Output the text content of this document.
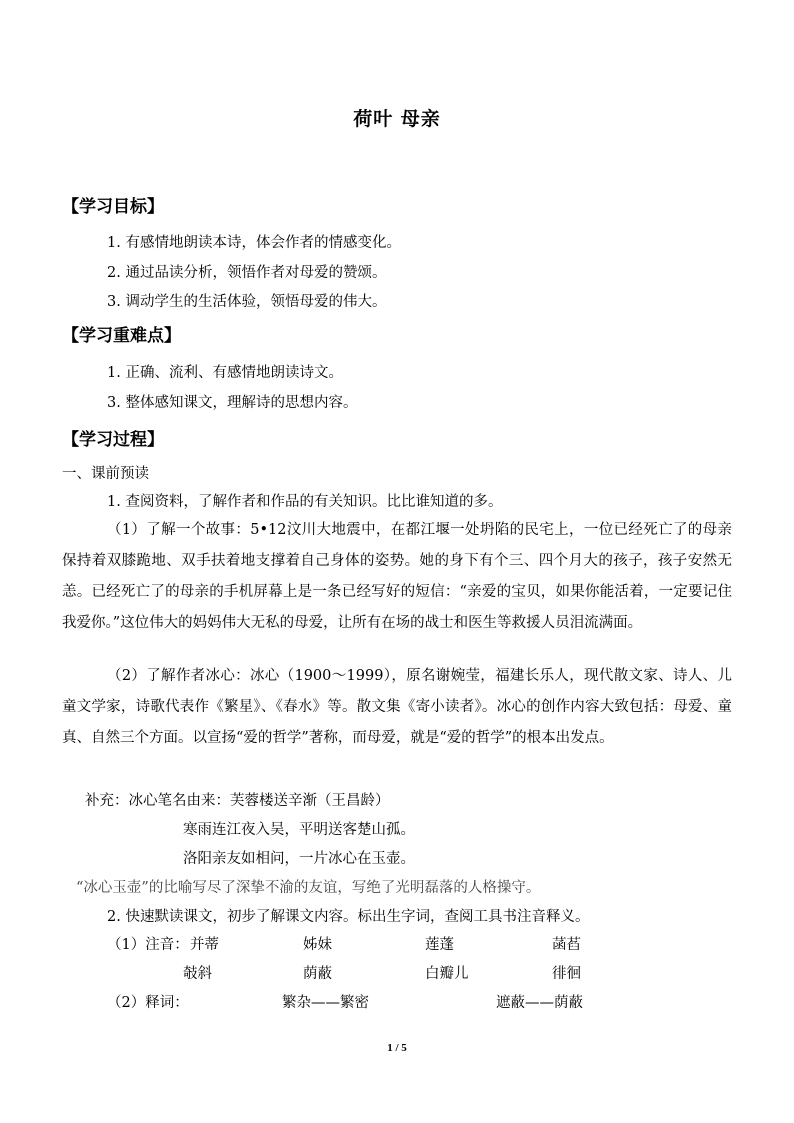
荷叶 母亲
【学习目标】
1. 有感情地朗读本诗，体会作者的情感变化。
2. 通过品读分析，领悟作者对母爱的赞颂。
3. 调动学生的生活体验，领悟母爱的伟大。
【学习重难点】
1. 正确、流利、有感情地朗读诗文。
3. 整体感知课文，理解诗的思想内容。
【学习过程】
一、课前预读
1. 查阅资料，了解作者和作品的有关知识。比比谁知道的多。
（1）了解一个故事：5•12汶川大地震中，在都江堰一处坍陷的民宅上，一位已经死亡了的母亲保持着双膝跪地、双手扶着地支撑着自己身体的姿势。她的身下有个三、四个月大的孩子，孩子安然无恙。已经死亡了的母亲的手机屏幕上是一条已经写好的短信：“亲爱的宝贝，如果你能活着，一定要记住我爱你。”这位伟大的妈妈伟大无私的母爱，让所有在场的战士和医生等救援人员泪流满面。
（2）了解作者冰心：冰心（1900～1999），原名谢婉莹，福建长乐人，现代散文家、诗人、儿童文学家，诗歌代表作《繁星》、《春水》等。散文集《寄小读者》。冰心的创作内容大致包括：母爱、童真、自然三个方面。以宣扬“爱的哲学”著称，而母爱，就是“爱的哲学”的根本出发点。
补充：冰心笔名由来：芙蓉楼送辛渐（王昌龄）
寒雨连江夜入吴，平明送客楚山孤。
洛阳亲友如相问，一片冰心在玉壶。
“冰心玉壶”的比喻写尽了深挚不渝的友谊，写绝了光明磊落的人格操守。
2. 快速默读课文，初步了解课文内容。标出生字词，查阅工具书注音释义。
（1）注音： 并蒂	姊妹	莲蓬	菡萏
攲斜	荫蔽	白瓣儿	徘徊
（2）释词：	繁杂——繁密	遮蔽——荫蔽
1 / 5
